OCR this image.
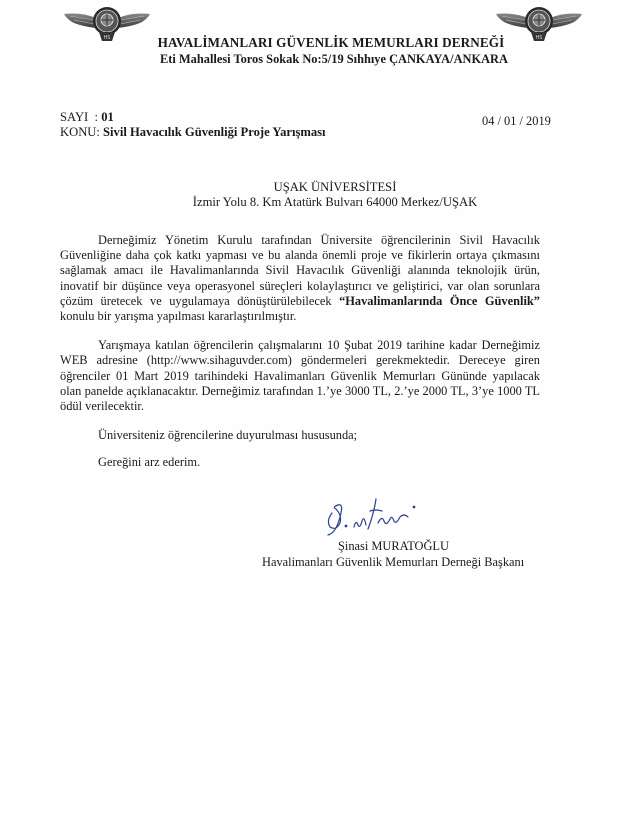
HS	HS
HAVALİMANLARI GÜVENLİK MEMURLARI DERNEĞİ
Eti Mahallesi Toros Sokak No:5/19 Sıhhıye ÇANKAYA/ANKARA
SAYI  : 01
KONU: Sivil Havacılık Güvenliği Proje Yarışması
04 / 01 / 2019
UŞAK ÜNİVERSİTESİ
İzmir Yolu 8. Km Atatürk Bulvarı 64000 Merkez/UŞAK

Derneğimiz Yönetim Kurulu tarafından Üniversite öğrencilerinin Sivil Havacılık Güvenliğine daha çok katkı yapması ve bu alanda önemli proje ve fikirlerin ortaya çıkmasını sağlamak amacı ile Havalimanlarında Sivil Havacılık Güvenliği alanında teknolojik ürün, inovatif bir düşünce veya operasyonel süreçleri kolaylaştırıcı ve geliştirici, var olan sorunlara çözüm üretecek ve uygulamaya dönüştürülebilecek “Havalimanlarında Önce Güvenlik” konulu bir yarışma yapılması kararlaştırılmıştır.

Yarışmaya katılan öğrencilerin çalışmalarını 10 Şubat 2019 tarihine kadar Derneğimiz WEB adresine (http://www.sihaguvder.com) göndermeleri gerekmektedir. Dereceye giren öğrenciler 01 Mart 2019 tarihindeki Havalimanları Güvenlik Memurları Gününde yapılacak olan panelde açıklanacaktır. Derneğimiz tarafından 1.’ye 3000 TL, 2.’ye 2000 TL, 3’ye 1000 TL ödül verilecektir.

Üniversiteniz öğrencilerine duyurulması hususunda;

Gereğini arz ederim.

Şinasi MURATOĞLU
Havalimanları Güvenlik Memurları Derneği Başkanı
